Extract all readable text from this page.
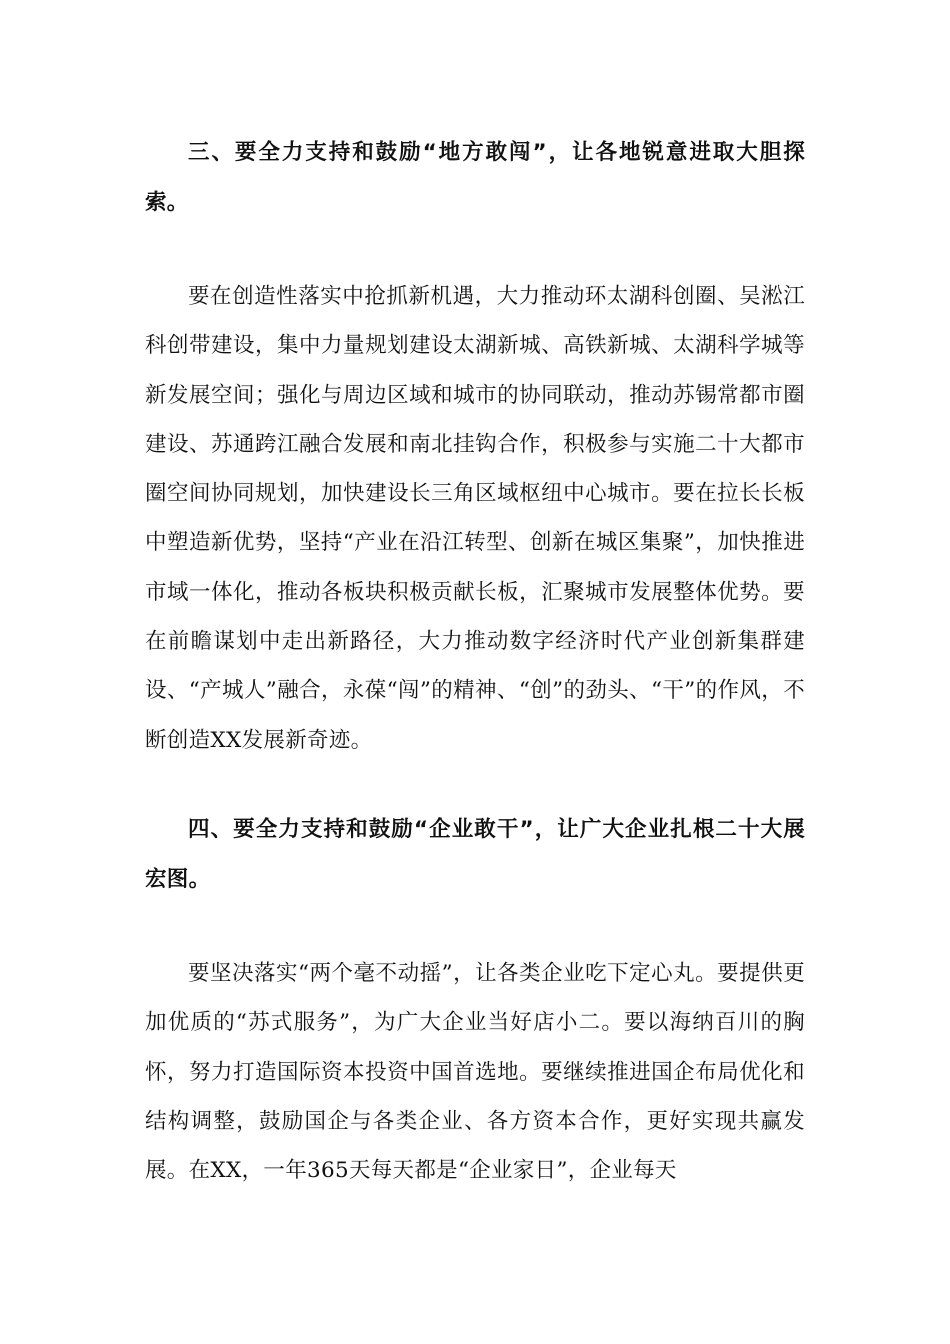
三、要全力支持和鼓励“地方敢闯”，让各地锐意进取大胆探索。

要在创造性落实中抢抓新机遇，大力推动环太湖科创圈、吴淞江科创带建设，集中力量规划建设太湖新城、高铁新城、太湖科学城等新发展空间；强化与周边区域和城市的协同联动，推动苏锡常都市圈建设、苏通跨江融合发展和南北挂钩合作，积极参与实施二十大都市圈空间协同规划，加快建设长三角区域枢纽中心城市。要在拉长长板中塑造新优势，坚持“产业在沿江转型、创新在城区集聚”，加快推进市域一体化，推动各板块积极贡献长板，汇聚城市发展整体优势。要在前瞻谋划中走出新路径，大力推动数字经济时代产业创新集群建设、“产城人”融合，永葆“闯”的精神、“创”的劲头、“干”的作风，不断创造XX发展新奇迹。

四、要全力支持和鼓励“企业敢干”，让广大企业扎根二十大展宏图。

要坚决落实“两个毫不动摇”，让各类企业吃下定心丸。要提供更加优质的“苏式服务”，为广大企业当好店小二。要以海纳百川的胸怀，努力打造国际资本投资中国首选地。要继续推进国企布局优化和结构调整，鼓励国企与各类企业、各方资本合作，更好实现共赢发展。在XX，一年365天每天都是“企业家日”，企业每天
